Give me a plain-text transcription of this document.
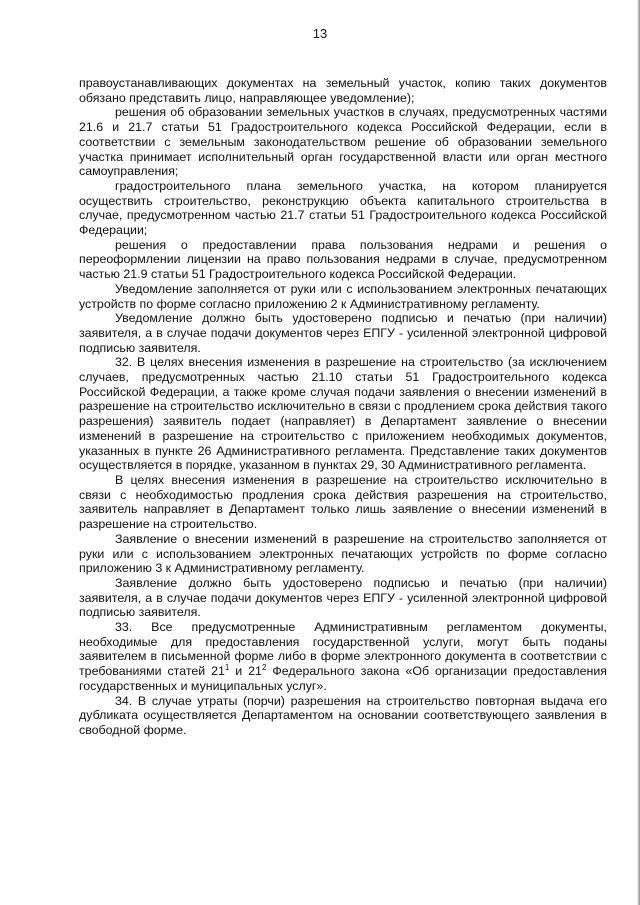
13

правоустанавливающих документах на земельный участок, копию таких документов обязано представить лицо, направляющее уведомление);

решения об образовании земельных участков в случаях, предусмотренных частями 21.6 и 21.7 статьи 51 Градостроительного кодекса Российской Федерации, если в соответствии с земельным законодательством решение об образовании земельного участка принимает исполнительный орган государственной власти или орган местного самоуправления;

градостроительного плана земельного участка, на котором планируется осуществить строительство, реконструкцию объекта капитального строительства в случае, предусмотренном частью 21.7 статьи 51 Градостроительного кодекса Российской Федерации;

решения о предоставлении права пользования недрами и решения о переоформлении лицензии на право пользования недрами в случае, предусмотренном частью 21.9 статьи 51 Градостроительного кодекса Российской Федерации.

Уведомление заполняется от руки или с использованием электронных печатающих устройств по форме согласно приложению 2 к Административному регламенту.

Уведомление должно быть удостоверено подписью и печатью (при наличии) заявителя, а в случае подачи документов через ЕПГУ - усиленной электронной цифровой подписью заявителя.

32. В целях внесения изменения в разрешение на строительство (за исключением случаев, предусмотренных частью 21.10 статьи 51 Градостроительного кодекса Российской Федерации, а также кроме случая подачи заявления о внесении изменений в разрешение на строительство исключительно в связи с продлением срока действия такого разрешения) заявитель подает (направляет) в Департамент заявление о внесении изменений в разрешение на строительство с приложением необходимых документов, указанных в пункте 26 Административного регламента. Представление таких документов осуществляется в порядке, указанном в пунктах 29, 30 Административного регламента.

В целях внесения изменения в разрешение на строительство исключительно в связи с необходимостью продления срока действия разрешения на строительство, заявитель направляет в Департамент только лишь заявление о внесении изменений в разрешение на строительство.

Заявление о внесении изменений в разрешение на строительство заполняется от руки или с использованием электронных печатающих устройств по форме согласно приложению 3 к Административному регламенту.

Заявление должно быть удостоверено подписью и печатью (при наличии) заявителя, а в случае подачи документов через ЕПГУ - усиленной электронной цифровой подписью заявителя.

33. Все предусмотренные Административным регламентом документы, необходимые для предоставления государственной услуги, могут быть поданы заявителем в письменной форме либо в форме электронного документа в соответствии с требованиями статей $21^1$ и $21^2$ Федерального закона «Об организации предоставления государственных и муниципальных услуг».

34. В случае утраты (порчи) разрешения на строительство повторная выдача его дубликата осуществляется Департаментом на основании соответствующего заявления в свободной форме.
